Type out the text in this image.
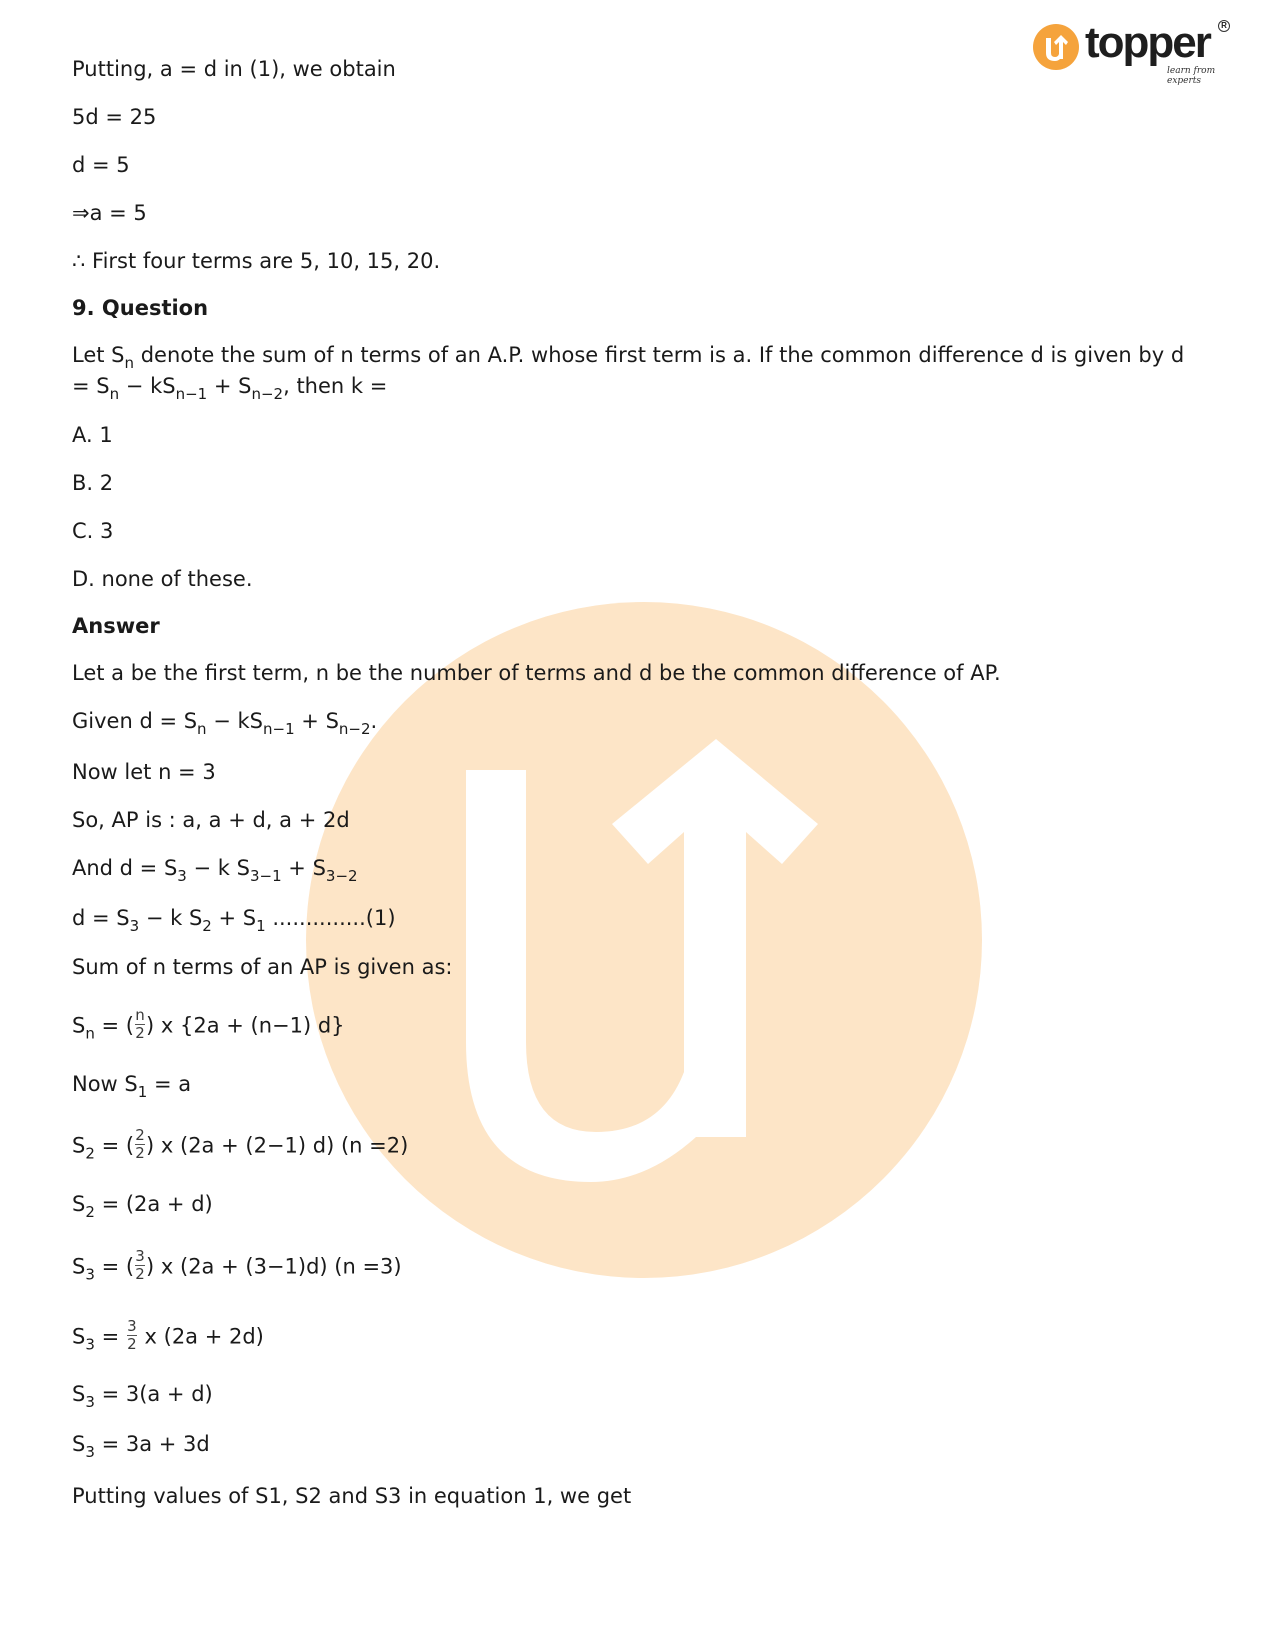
topper
learn from experts
R
Putting, a = d in (1), we obtain
5d = 25
d = 5
⇒a = 5
∴ First four terms are 5, 10, 15, 20.
9. Question
Let $S_n$ denote the sum of n terms of an A.P. whose first term is a. If the common difference d is given by $d = S_n - kS_{n-1} + S_{n-2}$, then k =
A. 1
B. 2
C. 3
D. none of these.
Answer
Let a be the first term, n be the number of terms and d be the common difference of AP.
Given $d = S_n - kS_{n-1} + S_{n-2}$.
Now let n = 3
So, AP is : a, a + d, a + 2d
And $d = S_3 - k$ $S_{3-1} + S_{3-2}$
$d = S_3 - k$ $S_2 + S_1$ ..............(1)
Sum of n terms of an AP is given as:
$S_n$ = ( $\frac{n}{2}$ ) x {2a + (n−1) d}
Now $S_1 = a$
$S_2$ = ( $\frac{2}{2}$ ) x (2a + (2−1) d) (n =2)
$S_2 = (2a + d)$
$S_3$ = ( $\frac{3}{2}$ ) x (2a + (3−1)d) (n =3)
$S_3 = \frac{3}{2}$ x (2a + 2d)
$S_3 = 3(a + d)$
$S_3 = 3a + 3d$
Putting values of S1, S2 and S3 in equation 1, we get
